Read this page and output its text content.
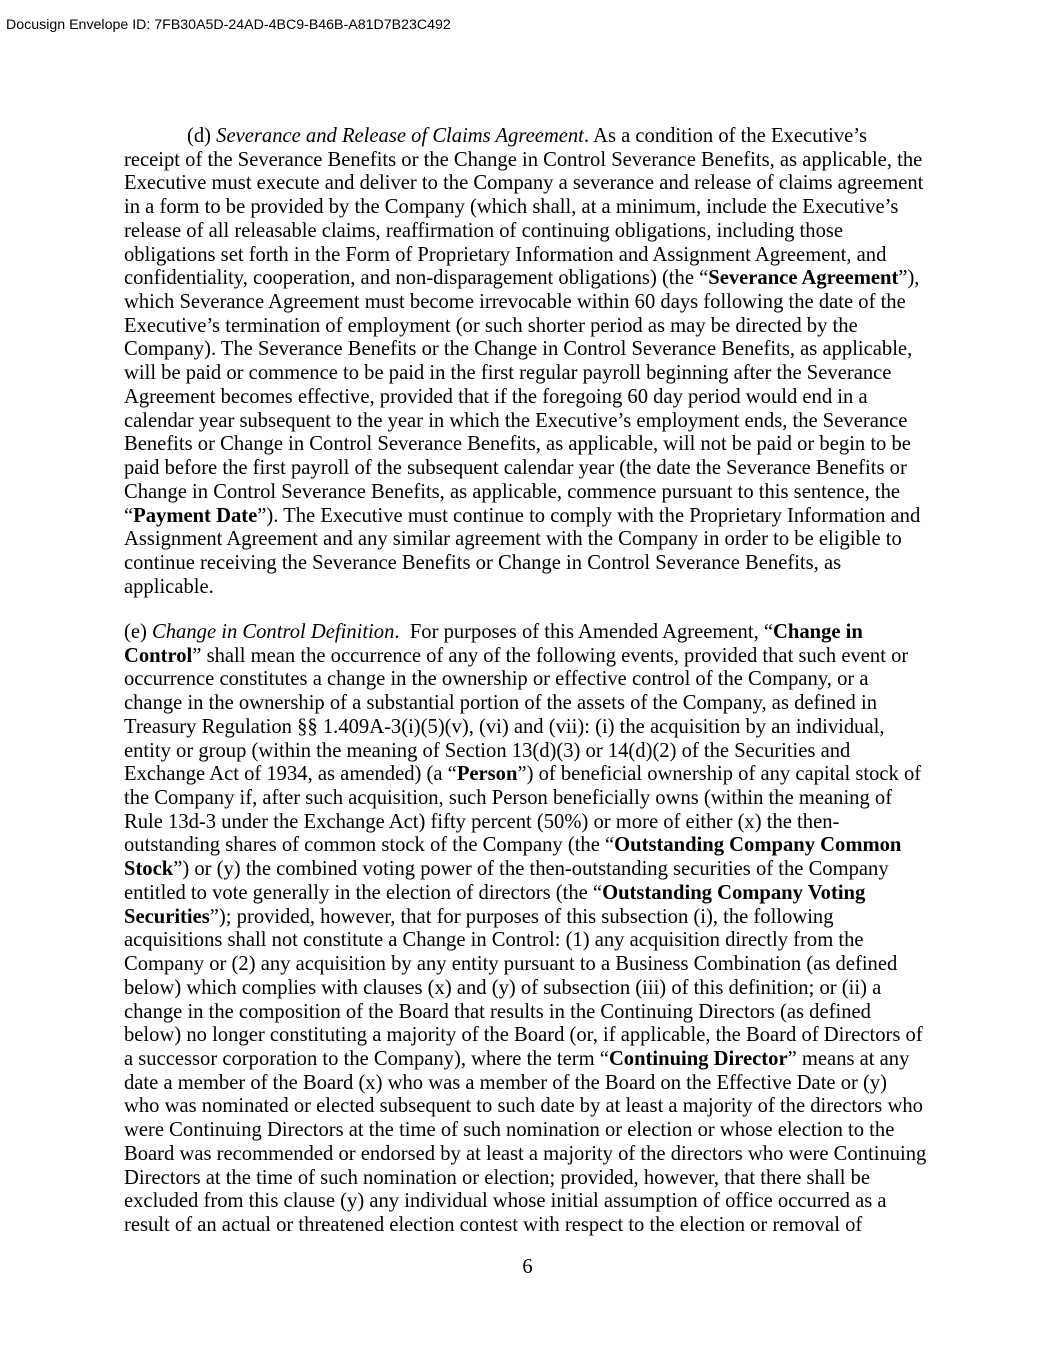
Docusign Envelope ID: 7FB30A5D-24AD-4BC9-B46B-A81D7B23C492
(d) Severance and Release of Claims Agreement. As a condition of the Executive’s
receipt of the Severance Benefits or the Change in Control Severance Benefits, as applicable, the
Executive must execute and deliver to the Company a severance and release of claims agreement
in a form to be provided by the Company (which shall, at a minimum, include the Executive’s
release of all releasable claims, reaffirmation of continuing obligations, including those
obligations set forth in the Form of Proprietary Information and Assignment Agreement, and
confidentiality, cooperation, and non-disparagement obligations) (the “Severance Agreement”),
which Severance Agreement must become irrevocable within 60 days following the date of the
Executive’s termination of employment (or such shorter period as may be directed by the
Company). The Severance Benefits or the Change in Control Severance Benefits, as applicable,
will be paid or commence to be paid in the first regular payroll beginning after the Severance
Agreement becomes effective, provided that if the foregoing 60 day period would end in a
calendar year subsequent to the year in which the Executive’s employment ends, the Severance
Benefits or Change in Control Severance Benefits, as applicable, will not be paid or begin to be
paid before the first payroll of the subsequent calendar year (the date the Severance Benefits or
Change in Control Severance Benefits, as applicable, commence pursuant to this sentence, the
“Payment Date”). The Executive must continue to comply with the Proprietary Information and
Assignment Agreement and any similar agreement with the Company in order to be eligible to
continue receiving the Severance Benefits or Change in Control Severance Benefits, as
applicable.
(e) Change in Control Definition.  For purposes of this Amended Agreement, “Change in
Control” shall mean the occurrence of any of the following events, provided that such event or
occurrence constitutes a change in the ownership or effective control of the Company, or a
change in the ownership of a substantial portion of the assets of the Company, as defined in
Treasury Regulation §§ 1.409A-3(i)(5)(v), (vi) and (vii): (i) the acquisition by an individual,
entity or group (within the meaning of Section 13(d)(3) or 14(d)(2) of the Securities and
Exchange Act of 1934, as amended) (a “Person”) of beneficial ownership of any capital stock of
the Company if, after such acquisition, such Person beneficially owns (within the meaning of
Rule 13d-3 under the Exchange Act) fifty percent (50%) or more of either (x) the then-
outstanding shares of common stock of the Company (the “Outstanding Company Common
Stock”) or (y) the combined voting power of the then-outstanding securities of the Company
entitled to vote generally in the election of directors (the “Outstanding Company Voting
Securities”); provided, however, that for purposes of this subsection (i), the following
acquisitions shall not constitute a Change in Control: (1) any acquisition directly from the
Company or (2) any acquisition by any entity pursuant to a Business Combination (as defined
below) which complies with clauses (x) and (y) of subsection (iii) of this definition; or (ii) a
change in the composition of the Board that results in the Continuing Directors (as defined
below) no longer constituting a majority of the Board (or, if applicable, the Board of Directors of
a successor corporation to the Company), where the term “Continuing Director” means at any
date a member of the Board (x) who was a member of the Board on the Effective Date or (y)
who was nominated or elected subsequent to such date by at least a majority of the directors who
were Continuing Directors at the time of such nomination or election or whose election to the
Board was recommended or endorsed by at least a majority of the directors who were Continuing
Directors at the time of such nomination or election; provided, however, that there shall be
excluded from this clause (y) any individual whose initial assumption of office occurred as a
result of an actual or threatened election contest with respect to the election or removal of
6
